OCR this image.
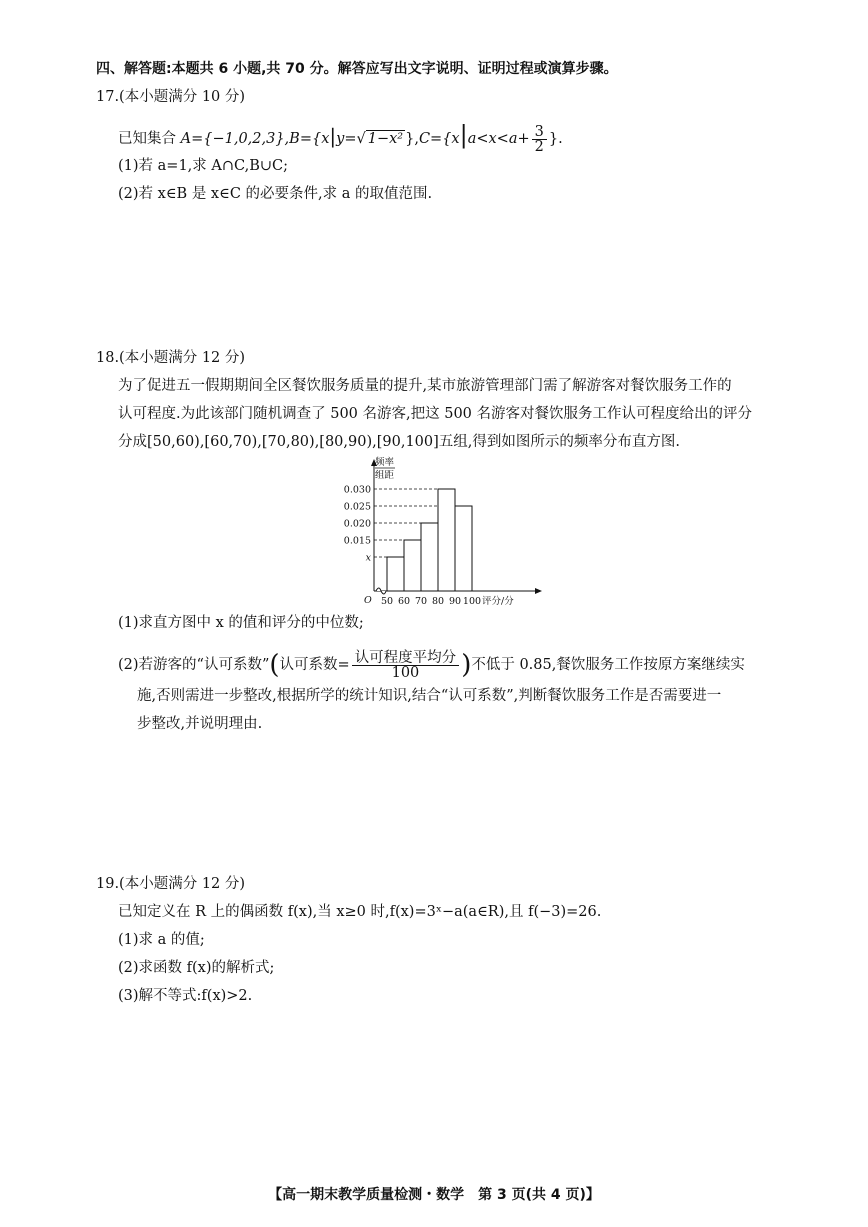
四、解答题:本题共 6 小题,共 70 分。解答应写出文字说明、证明过程或演算步骤。
17.(本小题满分 10 分)
已知集合 A={−1,0,2,3},B={x|y=√ 1−x² }$,C=\{x|a<x<a+ \frac{3}{2}$ }.
(1)若 a=1,求 A∩C,B∪C;
(2)若 x∈B 是 x∈C 的必要条件,求 a 的取值范围.
18.(本小题满分 12 分)
为了促进五一假期期间全区餐饮服务质量的提升,某市旅游管理部门需了解游客对餐饮服务工作的
认可程度.为此该部门随机调查了 500 名游客,把这 500 名游客对餐饮服务工作认可程度给出的评分
分成[50,60),[60,70),[70,80),[80,90),[90,100]五组,得到如图所示的频率分布直方图.
x
0.015
0.020
0.025
0.030
50 60 70 80 90 100
O	评分/分
频率
组距
(1)求直方图中 x 的值和评分的中位数;
(2)若游客的“认可系数”(认可系数= $\frac{\text{认可程度平均分}}{100}$ )不低于 0.85,餐饮服务工作按原方案继续实
施,否则需进一步整改,根据所学的统计知识,结合“认可系数”,判断餐饮服务工作是否需要进一
步整改,并说明理由.
19.(本小题满分 12 分)
已知定义在 R 上的偶函数 f(x),当 x≥0 时,f(x)=3ˣ−a(a∈R),且 f(−3)=26.
(1)求 a 的值;
(2)求函数 f(x)的解析式;
(3)解不等式:f(x)>2.
【高一期末教学质量检测・数学　第 3 页(共 4 页)】
